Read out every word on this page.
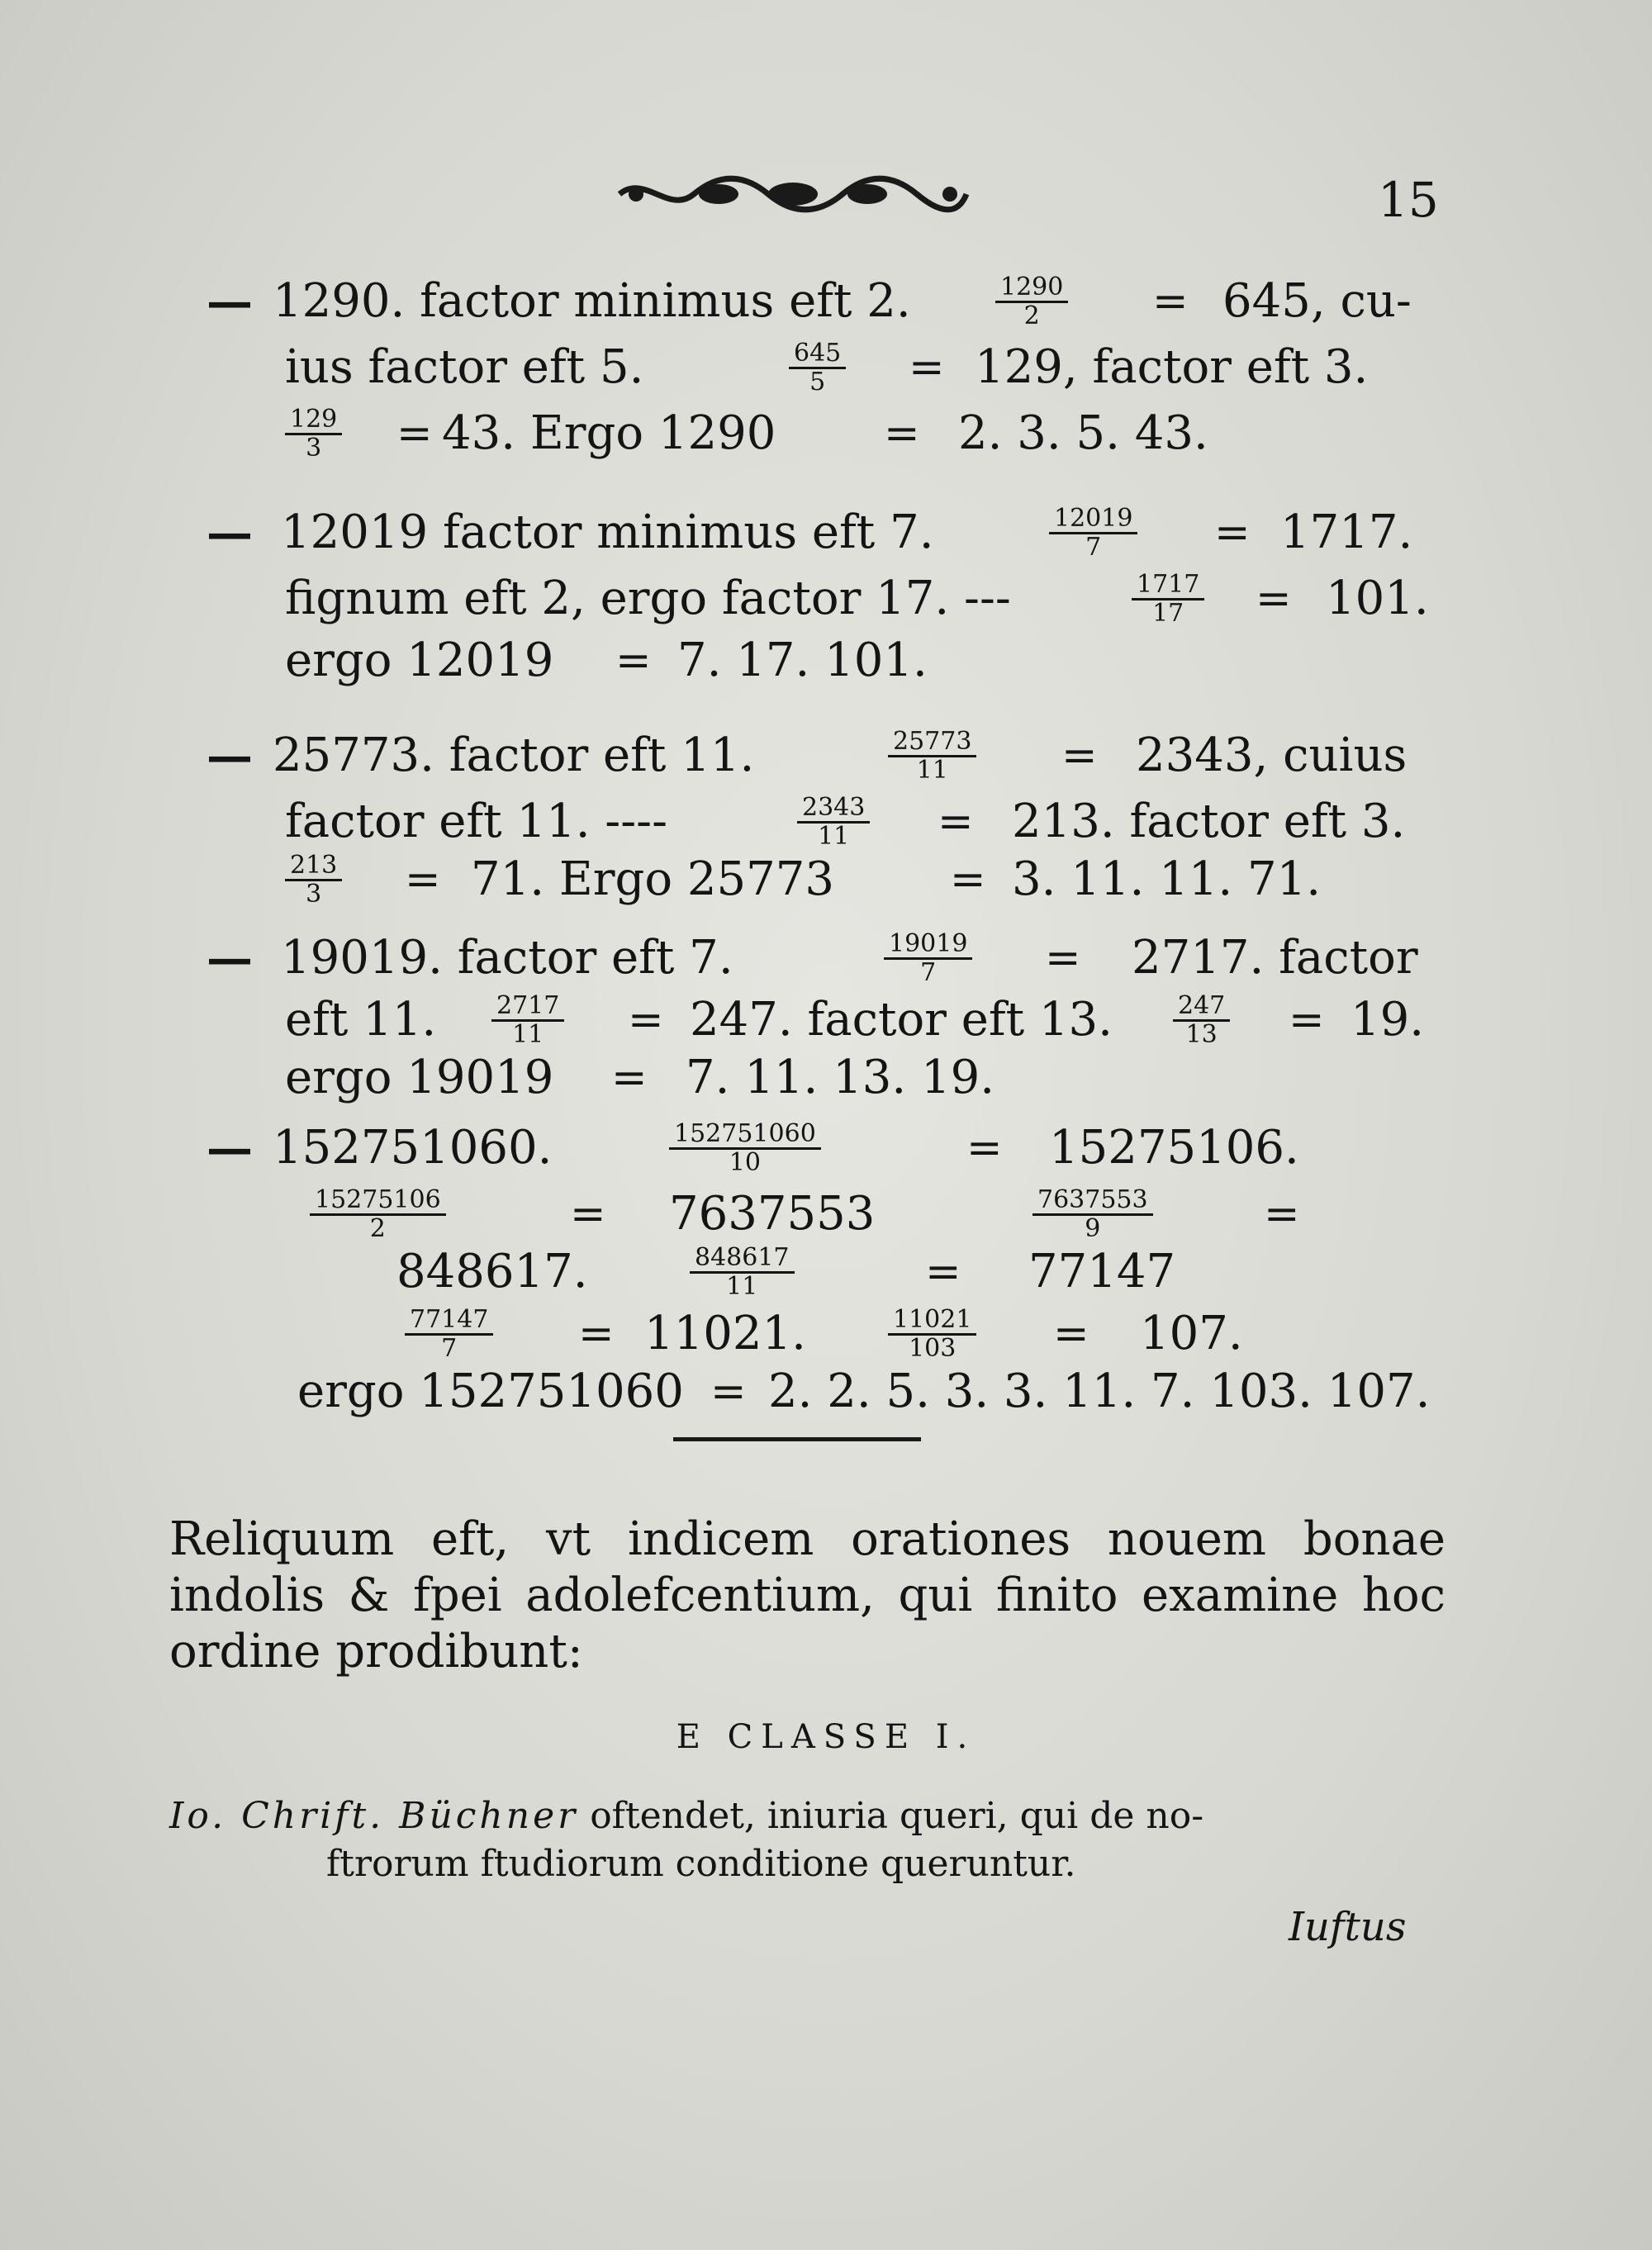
15
— 1290. factor minimus eft 2.	$\frac{1290}{2} = 645$, cu-
ius factor eft 5.	$\frac{645}{5} = 129$, factor eft 3.
$\frac{129}{3} = 43$. Ergo 1290	= 2. 3. 5. 43.
— 12019 factor minimus eft 7.	$\frac{12019}{7} = 1717$.
fignum eft 2, ergo factor 17. ---	$\frac{1717}{17} = 101$.
ergo 12019 = 7. 17. 101.
— 25773. factor eft 11.	$\frac{25773}{11} = 2343$, cuius
factor eft 11. ----	$\frac{2343}{11} = 213$. factor eft 3.
$\frac{213}{3} = 71$. Ergo 25773	= 3. 11. 11. 71.
— 19019. factor eft 7.	$\frac{19019}{7} = 2717$. factor
eft 11. $\frac{2717}{11} = 247$. factor eft 13. $\frac{247}{13} = 19$.
ergo 19019 = 7. 11. 13. 19.
— 152751060.	$\frac{152751060}{10}$	= 15275106.
$\frac{15275106}{2}$	= 7637553	$\frac{7637553}{9}$	=
848617.	$\frac{848617}{11}$	= 77147
$\frac{77147}{7} = 11021$.	$\frac{11021}{103} = 107$.
ergo 152751060 = 2. 2. 5. 3. 3. 11. 7. 103. 107.
Reliquum eft, vt indicem orationes nouem bonae indolis & fpei adolefcentium, qui finito examine hoc ordine prodibunt:
E CLASSE I.
Io. Chrift. Büchner oftendet, iniuria queri, qui de no-
ftrorum ftudiorum conditione queruntur.
Iuftus
